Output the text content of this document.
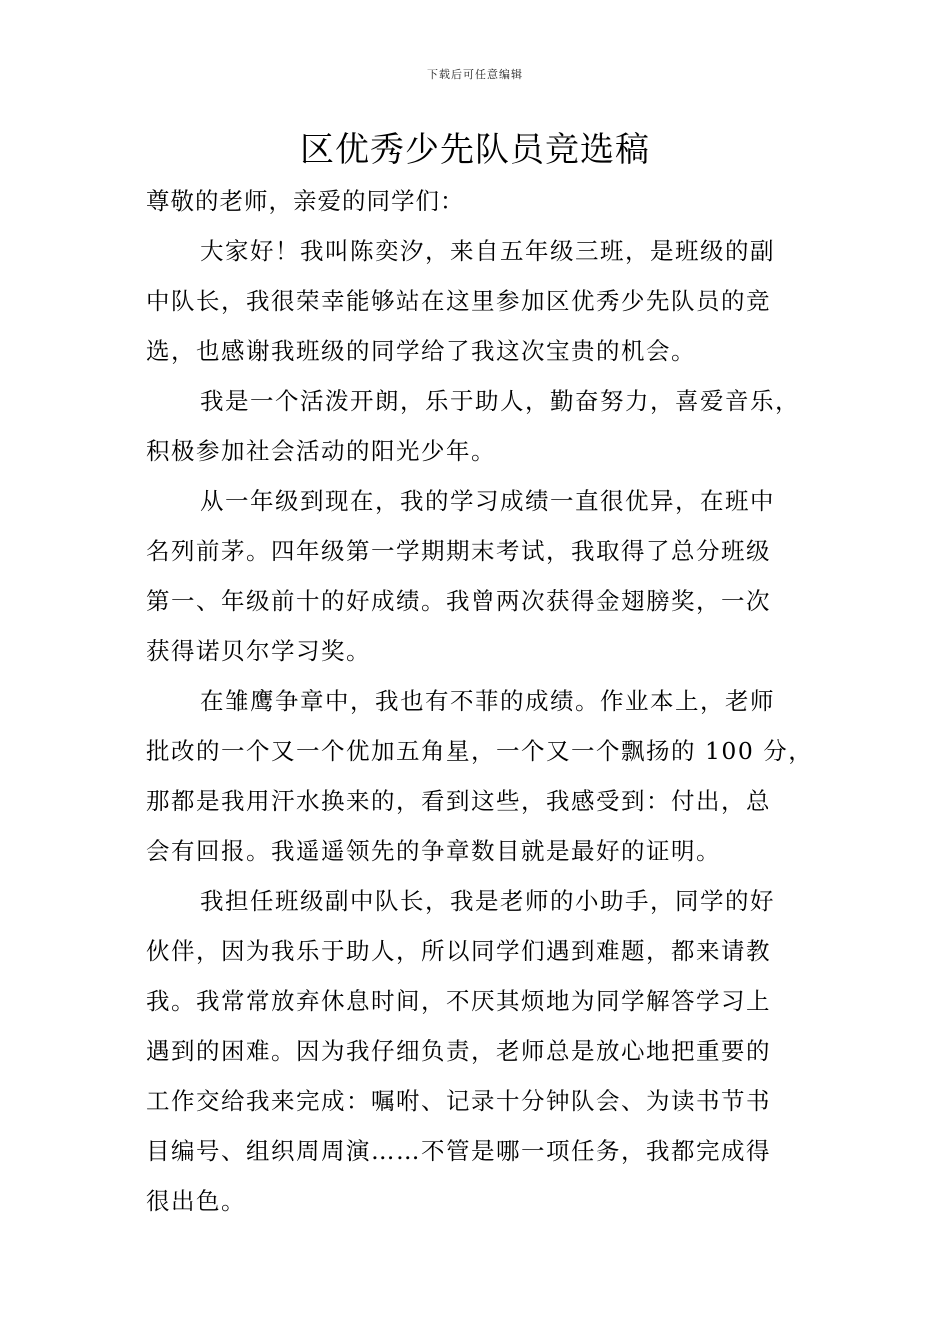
下载后可任意编辑
区优秀少先队员竞选稿

尊敬的老师，亲爱的同学们：

大家好！我叫陈奕汐，来自五年级三班，是班级的副
中队长，我很荣幸能够站在这里参加区优秀少先队员的竞
选，也感谢我班级的同学给了我这次宝贵的机会。

我是一个活泼开朗，乐于助人，勤奋努力，喜爱音乐，
积极参加社会活动的阳光少年。

从一年级到现在，我的学习成绩一直很优异，在班中
名列前茅。四年级第一学期期末考试，我取得了总分班级
第一、年级前十的好成绩。我曾两次获得金翅膀奖，一次
获得诺贝尔学习奖。

在雏鹰争章中，我也有不菲的成绩。作业本上，老师
批改的一个又一个优加五角星，一个又一个飘扬的 100 分，
那都是我用汗水换来的，看到这些，我感受到：付出，总
会有回报。我遥遥领先的争章数目就是最好的证明。

我担任班级副中队长，我是老师的小助手，同学的好
伙伴，因为我乐于助人，所以同学们遇到难题，都来请教
我。我常常放弃休息时间，不厌其烦地为同学解答学习上
遇到的困难。因为我仔细负责，老师总是放心地把重要的
工作交给我来完成：嘱咐、记录十分钟队会、为读书节书
目编号、组织周周演……不管是哪一项任务，我都完成得
很出色。
